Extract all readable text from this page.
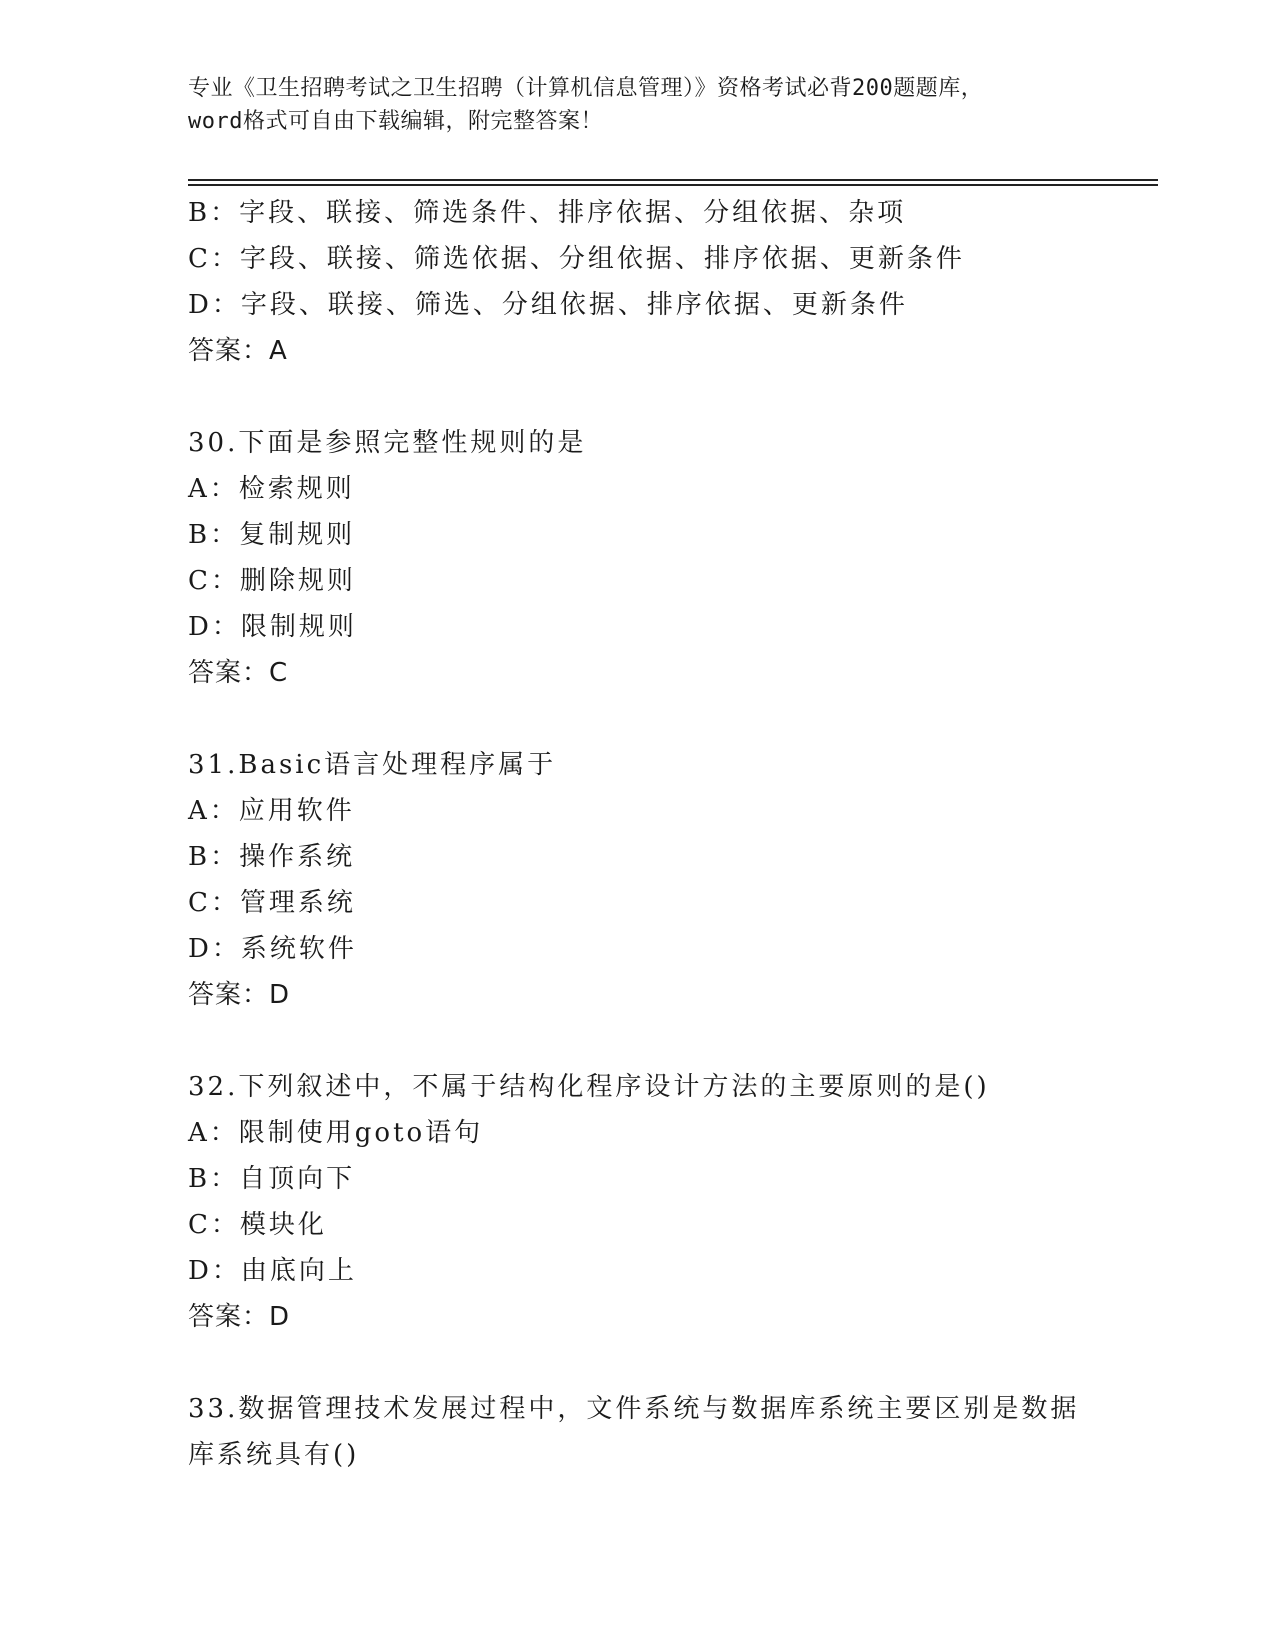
专业《卫生招聘考试之卫生招聘（计算机信息管理）》资格考试必背200题题库，
word格式可自由下载编辑，附完整答案！
B：字段、联接、筛选条件、排序依据、分组依据、杂项
C：字段、联接、筛选依据、分组依据、排序依据、更新条件
D：字段、联接、筛选、分组依据、排序依据、更新条件
答案：A
30.下面是参照完整性规则的是
A：检索规则
B：复制规则
C：删除规则
D：限制规则
答案：C
31.Basic语言处理程序属于
A：应用软件
B：操作系统
C：管理系统
D：系统软件
答案：D
32.下列叙述中，不属于结构化程序设计方法的主要原则的是()
A：限制使用goto语句
B：自顶向下
C：模块化
D：由底向上
答案：D
33.数据管理技术发展过程中，文件系统与数据库系统主要区别是数据
库系统具有()
